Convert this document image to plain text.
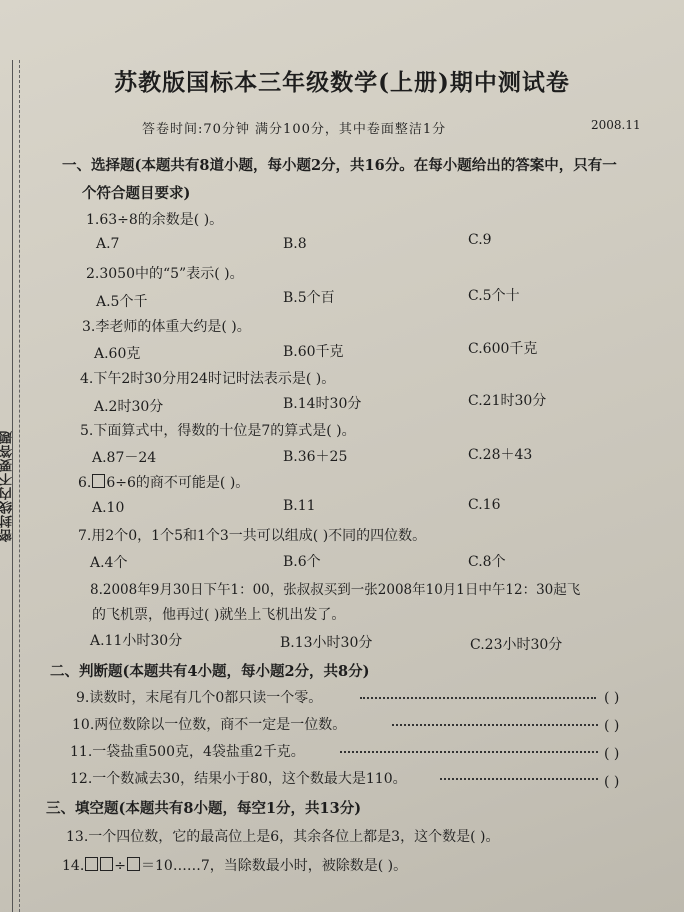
密封线内不要答题
苏教版国标本三年级数学(上册)期中测试卷
答卷时间:70分钟 满分100分，其中卷面整洁1分	2008.11
一、选择题(本题共有8道小题，每小题2分，共16分。在每小题给出的答案中，只有一
个符合题目要求)
1.63÷8的余数是( )。
A.7	B.8	C.9
2.3050中的“5”表示( )。
A.5个千	B.5个百	C.5个十
3.李老师的体重大约是( )。
A.60克	B.60千克	C.600千克
4.下午2时30分用24时记时法表示是( )。
A.2时30分	B.14时30分	C.21时30分
5.下面算式中，得数的十位是7的算式是( )。
A.87－24	B.36＋25	C.28＋43
6. 6÷6的商不可能是( )。
A.10	B.11	C.16
7.用2个0，1个5和1个3一共可以组成( )不同的四位数。
A.4个	B.6个	C.8个
8.2008年9月30日下午1：00，张叔叔买到一张2008年10月1日中午12：30起飞
的飞机票，他再过( )就坐上飞机出发了。
A.11小时30分	B.13小时30分	C.23小时30分
二、判断题(本题共有4小题，每小题2分，共8分)
9.读数时，末尾有几个0都只读一个零。	( )
10.两位数除以一位数，商不一定是一位数。	( )
11.一袋盐重500克，4袋盐重2千克。	( )
12.一个数减去30，结果小于80，这个数最大是110。	( )
三、填空题(本题共有8小题，每空1分，共13分)
13.一个四位数，它的最高位上是6，其余各位上都是3，这个数是( )。
14. ÷ ＝10……7，当除数最小时，被除数是( )。
